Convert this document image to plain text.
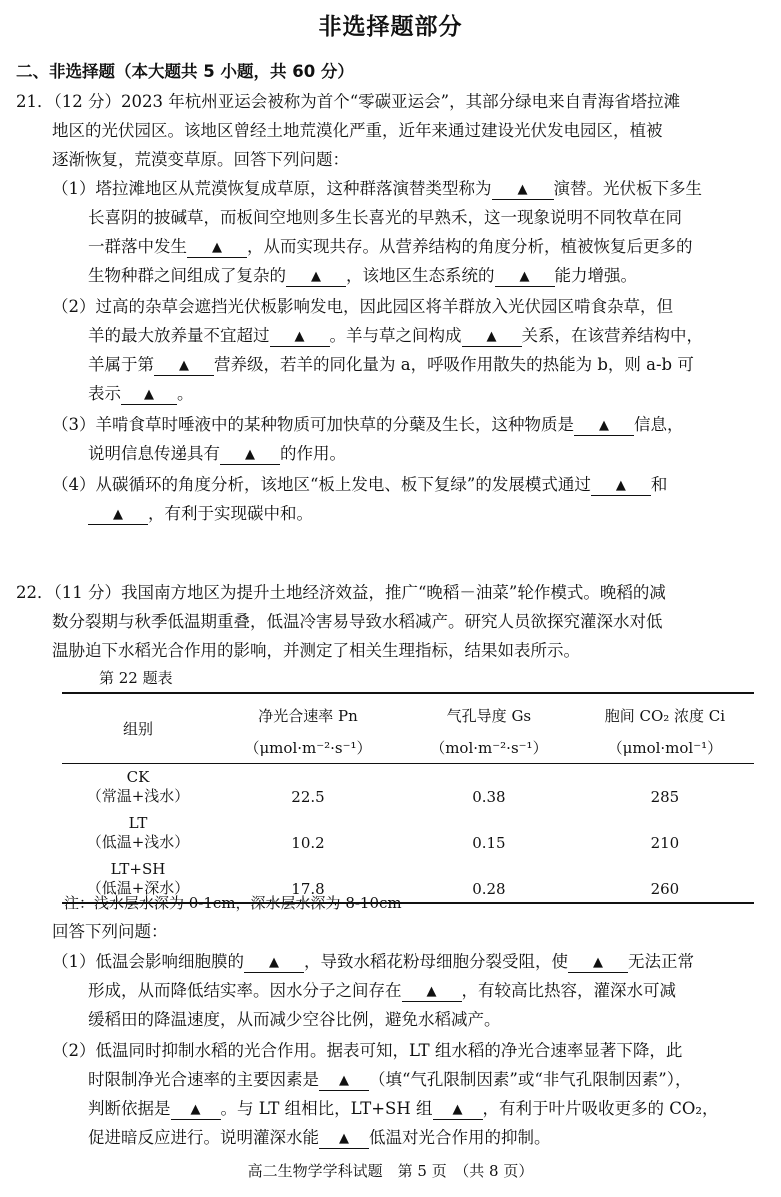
非选择题部分
二、非选择题（本大题共 5 小题，共 60 分）
21．（12 分）2023 年杭州亚运会被称为首个“零碳亚运会”，其部分绿电来自青海省塔拉滩
地区的光伏园区。该地区曾经土地荒漠化严重，近年来通过建设光伏发电园区，植被
逐渐恢复，荒漠变草原。回答下列问题：
（1）塔拉滩地区从荒漠恢复成草原，这种群落演替类型称为 ▲ 演替。光伏板下多生
长喜阴的披碱草，而板间空地则多生长喜光的早熟禾，这一现象说明不同牧草在同
一群落中发生 ▲ ，从而实现共存。从营养结构的角度分析，植被恢复后更多的
生物种群之间组成了复杂的 ▲ ，该地区生态系统的 ▲ 能力增强。
（2）过高的杂草会遮挡光伏板影响发电，因此园区将羊群放入光伏园区啃食杂草，但
羊的最大放养量不宜超过 ▲ 。羊与草之间构成 ▲ 关系，在该营养结构中，
羊属于第 ▲ 营养级，若羊的同化量为 a，呼吸作用散失的热能为 b，则 a-b 可
表示 ▲ 。
（3）羊啃食草时唾液中的某种物质可加快草的分蘖及生长，这种物质是 ▲ 信息，
说明信息传递具有 ▲ 的作用。
（4）从碳循环的角度分析，该地区“板上发电、板下复绿”的发展模式通过 ▲ 和
▲ ，有利于实现碳中和。
22．（11 分）我国南方地区为提升土地经济效益，推广“晚稻－油菜”轮作模式。晚稻的减
数分裂期与秋季低温期重叠，低温冷害易导致水稻减产。研究人员欲探究灌深水对低
温胁迫下水稻光合作用的影响，并测定了相关生理指标，结果如表所示。
第 22 题表
组别	净光合速率 Pn	气孔导度 Gs	胞间 CO₂ 浓度 Ci
	（μmol·m⁻²·s⁻¹）	（mol·m⁻²·s⁻¹）	（μmol·mol⁻¹）

CK
（常温+浅水）	22.5	0.38	285

LT
（低温+浅水）	10.2	0.15	210

LT+SH
（低温+深水）	17.8	0.28	260
注：浅水层水深为 0-1cm，深水层水深为 8-10cm
回答下列问题：
（1）低温会影响细胞膜的 ▲ ，导致水稻花粉母细胞分裂受阻，使 ▲ 无法正常
形成，从而降低结实率。因水分子之间存在 ▲ ，有较高比热容，灌深水可减
缓稻田的降温速度，从而减少空谷比例，避免水稻减产。
（2）低温同时抑制水稻的光合作用。据表可知，LT 组水稻的净光合速率显著下降，此
时限制净光合速率的主要因素是 ▲ （填“气孔限制因素”或“非气孔限制因素”），
判断依据是 ▲ 。与 LT 组相比，LT+SH 组 ▲ ，有利于叶片吸收更多的 CO₂，
促进暗反应进行。说明灌深水能 ▲ 低温对光合作用的抑制。
高二生物学学科试题　第 5 页　（共 8 页）
